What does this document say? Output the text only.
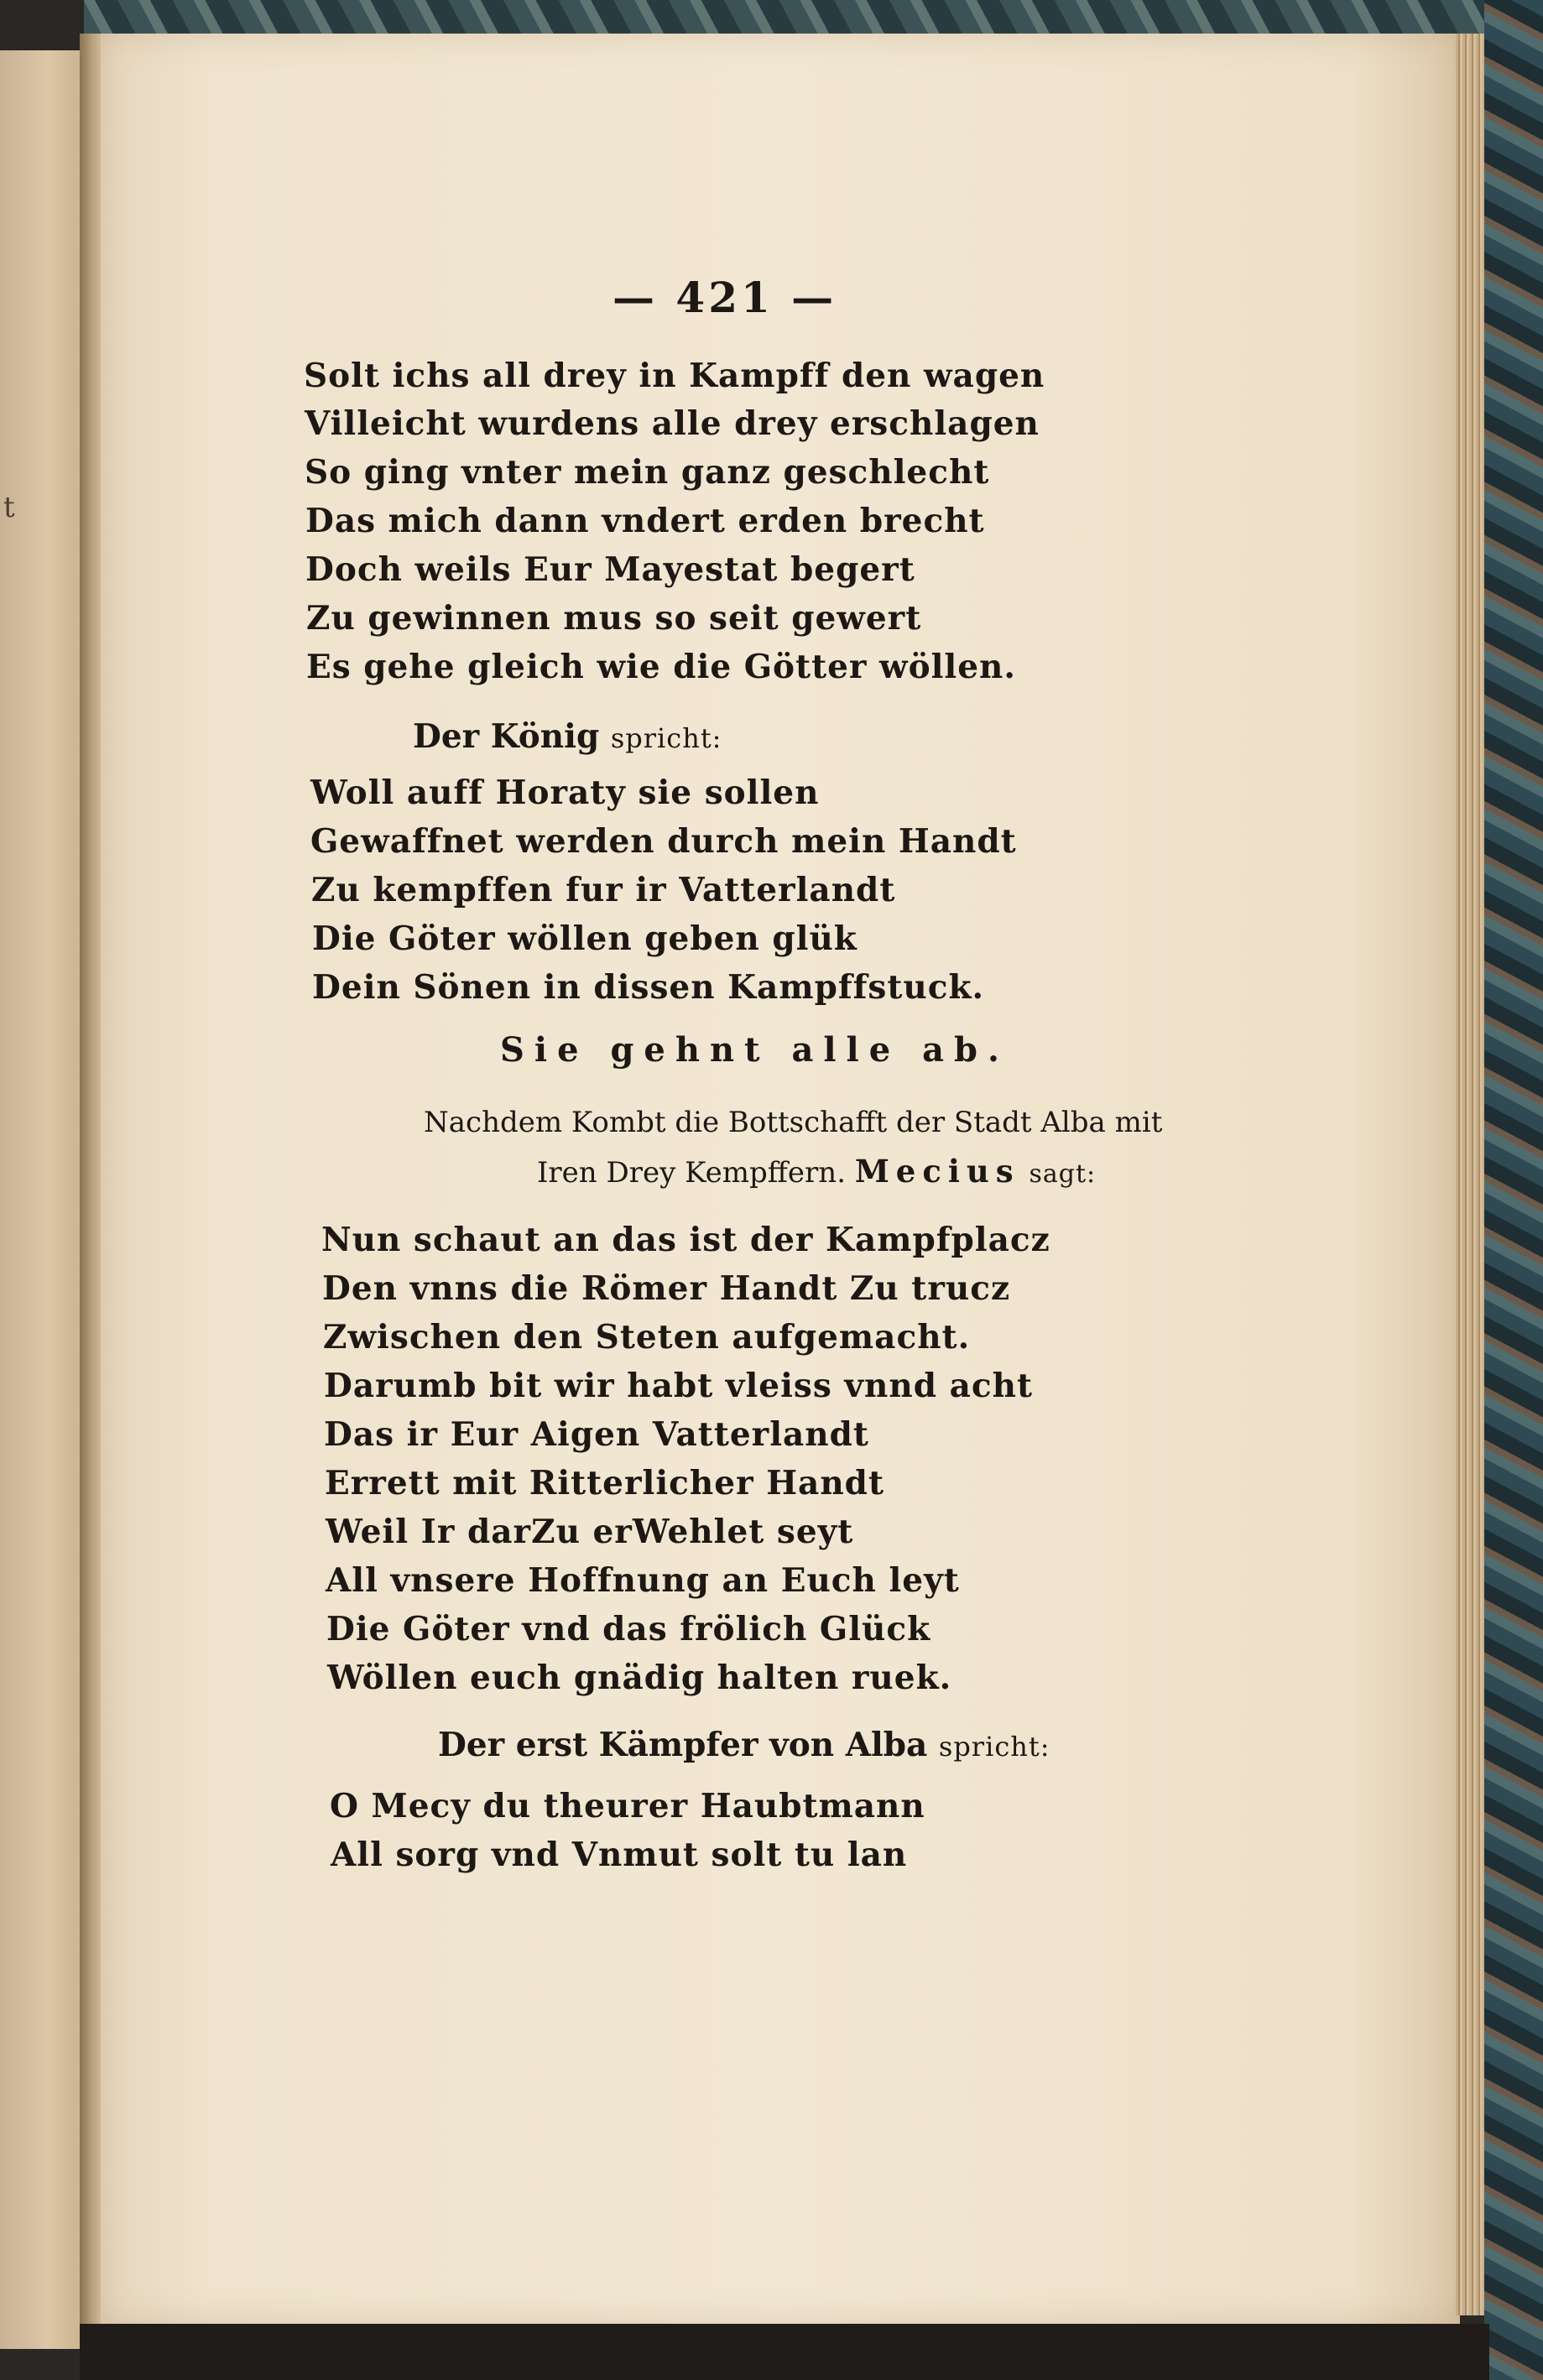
t
— 421 —
Solt ichs all drey in Kampff den wagen
Villeicht wurdens alle drey erschlagen
So ging vnter mein ganz geschlecht
Das mich dann vndert erden brecht
Doch weils Eur Mayestat begert
Zu gewinnen mus so seit gewert
Es gehe gleich wie die Götter wöllen.
Der König spricht:
Woll auff Horaty sie sollen
Gewaffnet werden durch mein Handt
Zu kempffen fur ir Vatterlandt
Die Göter wöllen geben glük
Dein Sönen in dissen Kampffstuck.
Sie gehnt alle ab.
Nachdem Kombt die Bottschafft der Stadt Alba mit
Iren Drey Kempffern. Mecius sagt:
Nun schaut an das ist der Kampfplacz
Den vnns die Römer Handt Zu trucz
Zwischen den Steten aufgemacht.
Darumb bit wir habt vleiss vnnd acht
Das ir Eur Aigen Vatterlandt
Errett mit Ritterlicher Handt
Weil Ir darZu erWehlet seyt
All vnsere Hoffnung an Euch leyt
Die Göter vnd das frölich Glück
Wöllen euch gnädig halten ruek.
Der erst Kämpfer von Alba spricht:
O Mecy du theurer Haubtmann
All sorg vnd Vnmut solt tu lan
